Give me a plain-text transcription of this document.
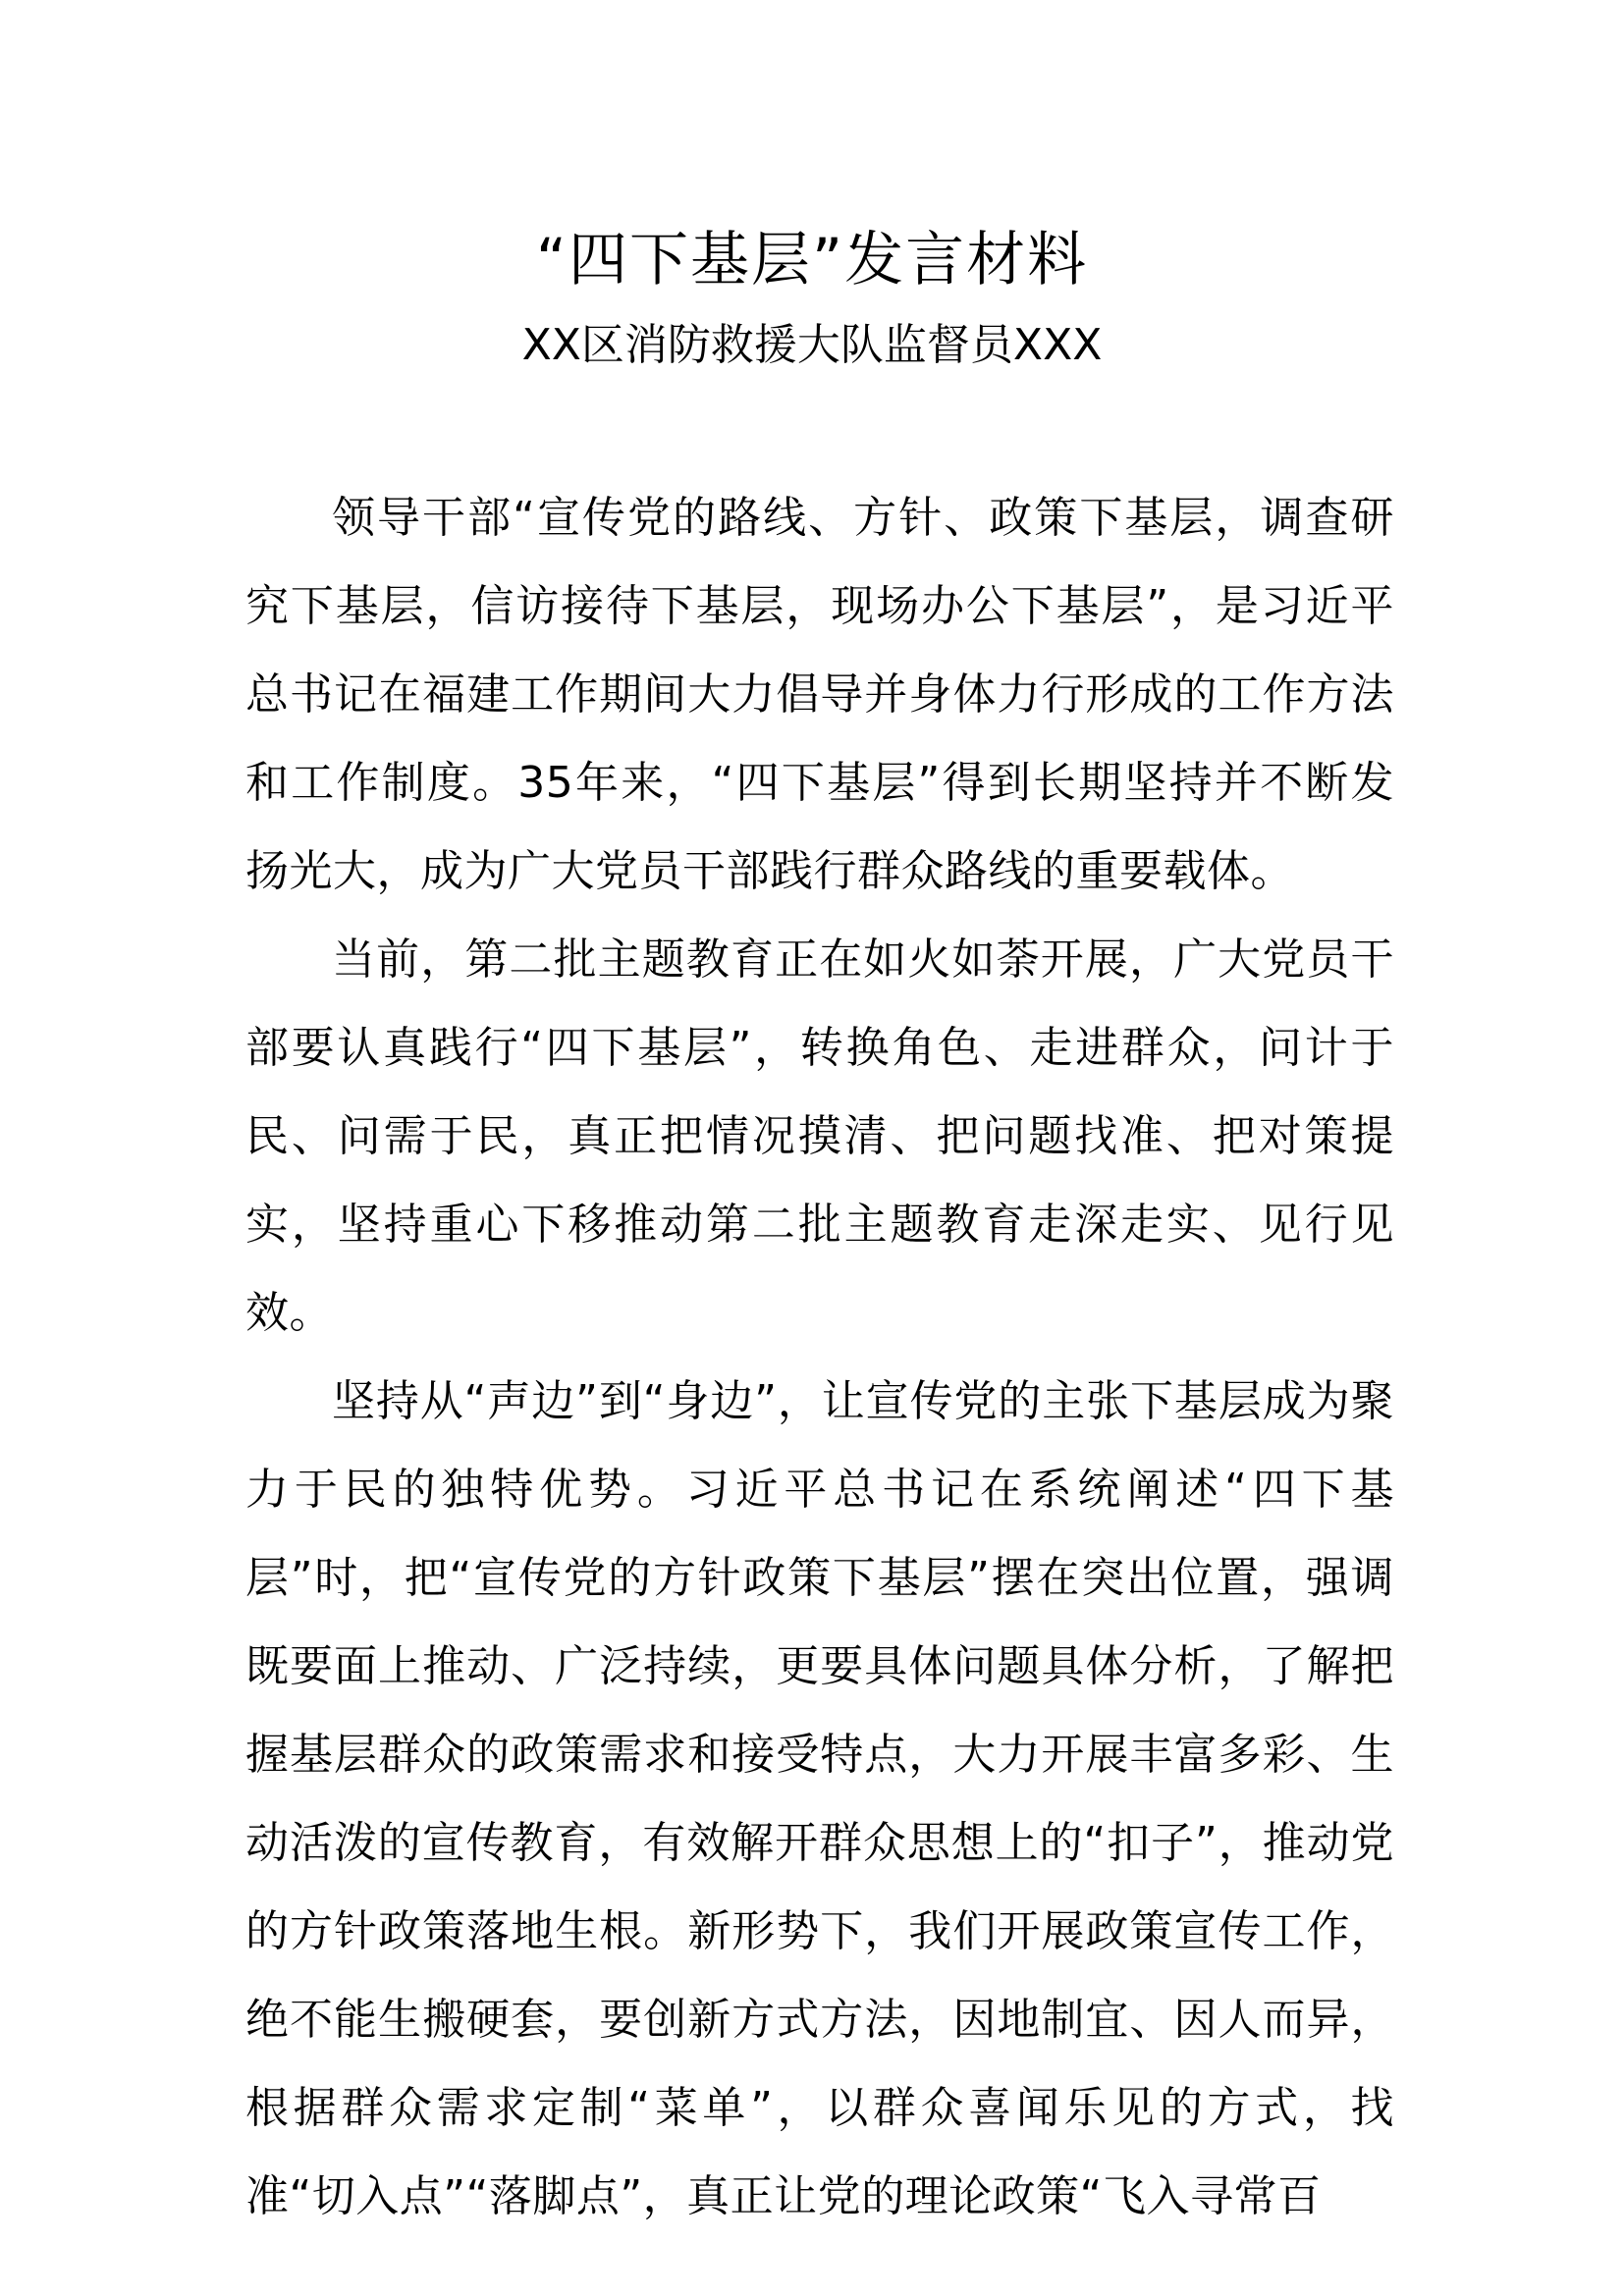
“四下基层”发言材料
XX区消防救援大队监督员XXX

领导干部“宣传党的路线、方针、政策下基层，调查研究下基层，信访接待下基层，现场办公下基层”，是习近平总书记在福建工作期间大力倡导并身体力行形成的工作方法和工作制度。35年来，“四下基层”得到长期坚持并不断发扬光大，成为广大党员干部践行群众路线的重要载体。

当前，第二批主题教育正在如火如荼开展，广大党员干部要认真践行“四下基层”，转换角色、走进群众，问计于民、问需于民，真正把情况摸清、把问题找准、把对策提实，坚持重心下移推动第二批主题教育走深走实、见行见效。

坚持从“声边”到“身边”，让宣传党的主张下基层成为聚力于民的独特优势。习近平总书记在系统阐述“四下基层”时，把“宣传党的方针政策下基层”摆在突出位置，强调既要面上推动、广泛持续，更要具体问题具体分析，了解把握基层群众的政策需求和接受特点，大力开展丰富多彩、生动活泼的宣传教育，有效解开群众思想上的“扣子”，推动党的方针政策落地生根。新形势下，我们开展政策宣传工作，绝不能生搬硬套，要创新方式方法，因地制宜、因人而异，根据群众需求定制“菜单”，以群众喜闻乐见的方式，找准“切入点”“落脚点”，真正让党的理论政策“飞入寻常百
